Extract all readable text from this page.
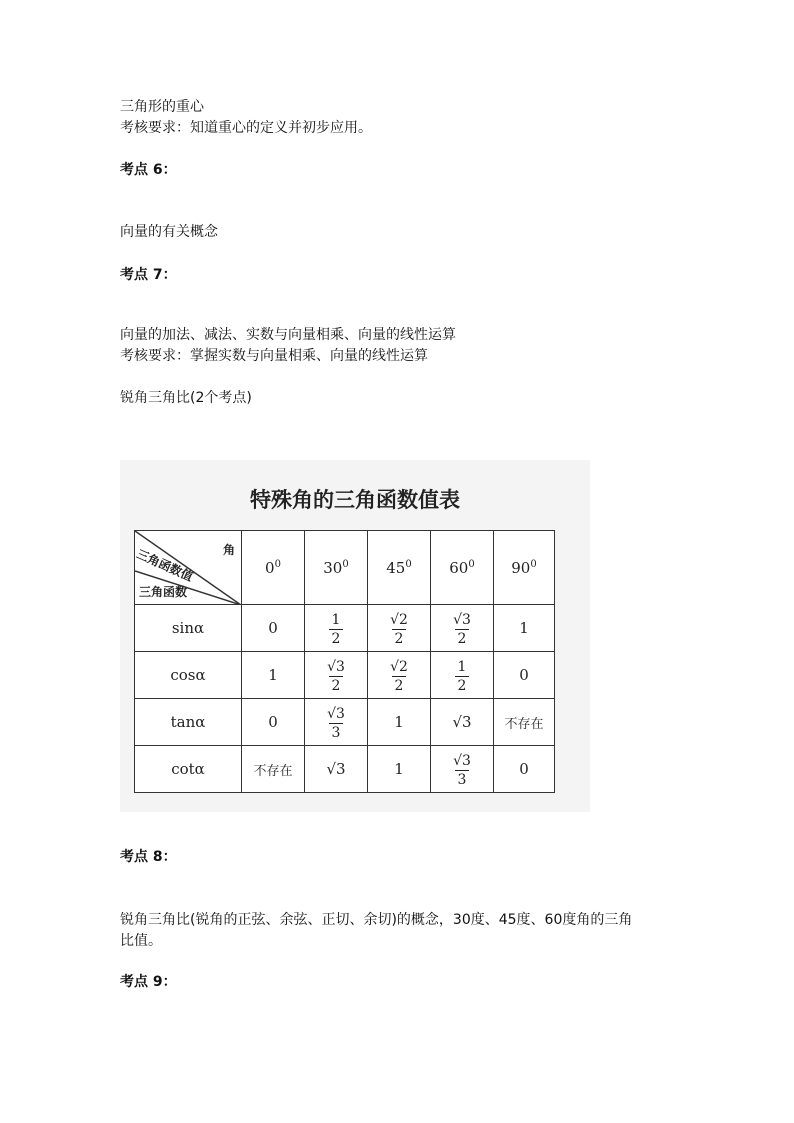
三角形的重心
考核要求：知道重心的定义并初步应用。
考点 6：
向量的有关概念
考点 7：
向量的加法、减法、实数与向量相乘、向量的线性运算
考核要求：掌握实数与向量相乘、向量的线性运算
锐角三角比(2个考点)
特殊角的三角函数值表
角
三角函数值
三角函数	$0^0$	$30^0$	$45^0$	$60^0$	$90^0$
sinα	0	$\frac{1}{2}$	$\frac{√2}{2}$	$\frac{√3}{2}$	1
cosα	1	$\frac{√3}{2}$	$\frac{√2}{2}$	$\frac{1}{2}$	0
tanα	0	$\frac{√3}{3}$	1	√3	不存在
cotα	不存在	√3	1	$\frac{√3}{3}$	0
考点 8：
锐角三角比(锐角的正弦、余弦、正切、余切)的概念，30度、45度、60度角的三角
比值。
考点 9：
